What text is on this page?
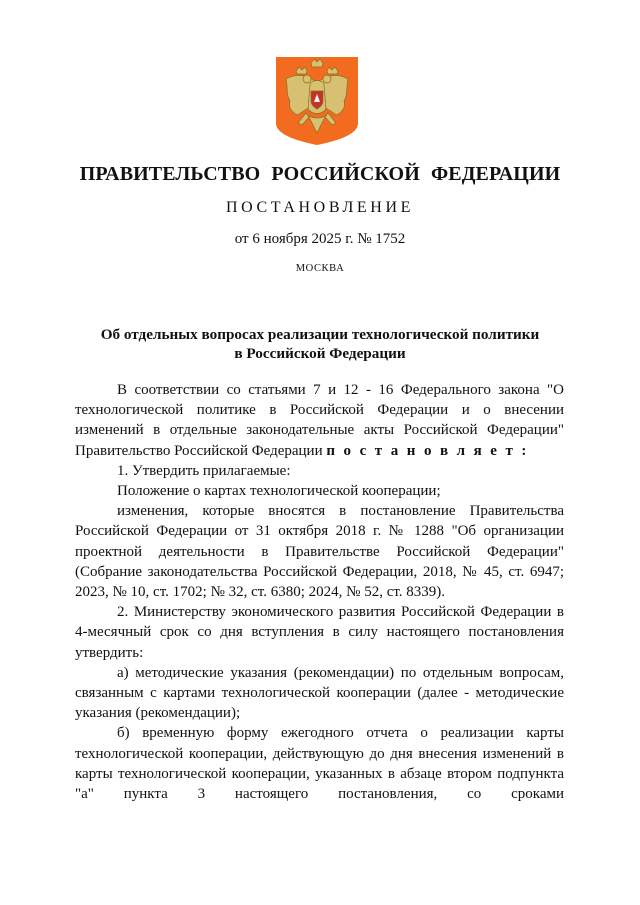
ПРАВИТЕЛЬСТВО РОССИЙСКОЙ ФЕДЕРАЦИИ
ПОСТАНОВЛЕНИЕ
от 6 ноября 2025 г. № 1752
МОСКВА
Об отдельных вопросах реализации технологической политики
в Российской Федерации

В соответствии со статьями 7 и 12 - 16 Федерального закона "О технологической политике в Российской Федерации и о внесении изменений в отдельные законодательные акты Российской Федерации" Правительство Российской Федерации п о с т а н о в л я е т :

1. Утвердить прилагаемые:

Положение о картах технологической кооперации;

изменения, которые вносятся в постановление Правительства Российской Федерации от 31 октября 2018 г. № 1288 "Об организации проектной деятельности в Правительстве Российской Федерации" (Собрание законодательства Российской Федерации, 2018, № 45, ст. 6947; 2023, № 10, ст. 1702; № 32, ст. 6380; 2024, № 52, ст. 8339).

2. Министерству экономического развития Российской Федерации в 4-месячный срок со дня вступления в силу настоящего постановления утвердить:

а) методические указания (рекомендации) по отдельным вопросам, связанным с картами технологической кооперации (далее - методические указания (рекомендации);

б) временную форму ежегодного отчета о реализации карты технологической кооперации, действующую до дня внесения изменений в карты технологической кооперации, указанных в абзаце втором подпункта "а" пункта 3 настоящего постановления, со сроками
